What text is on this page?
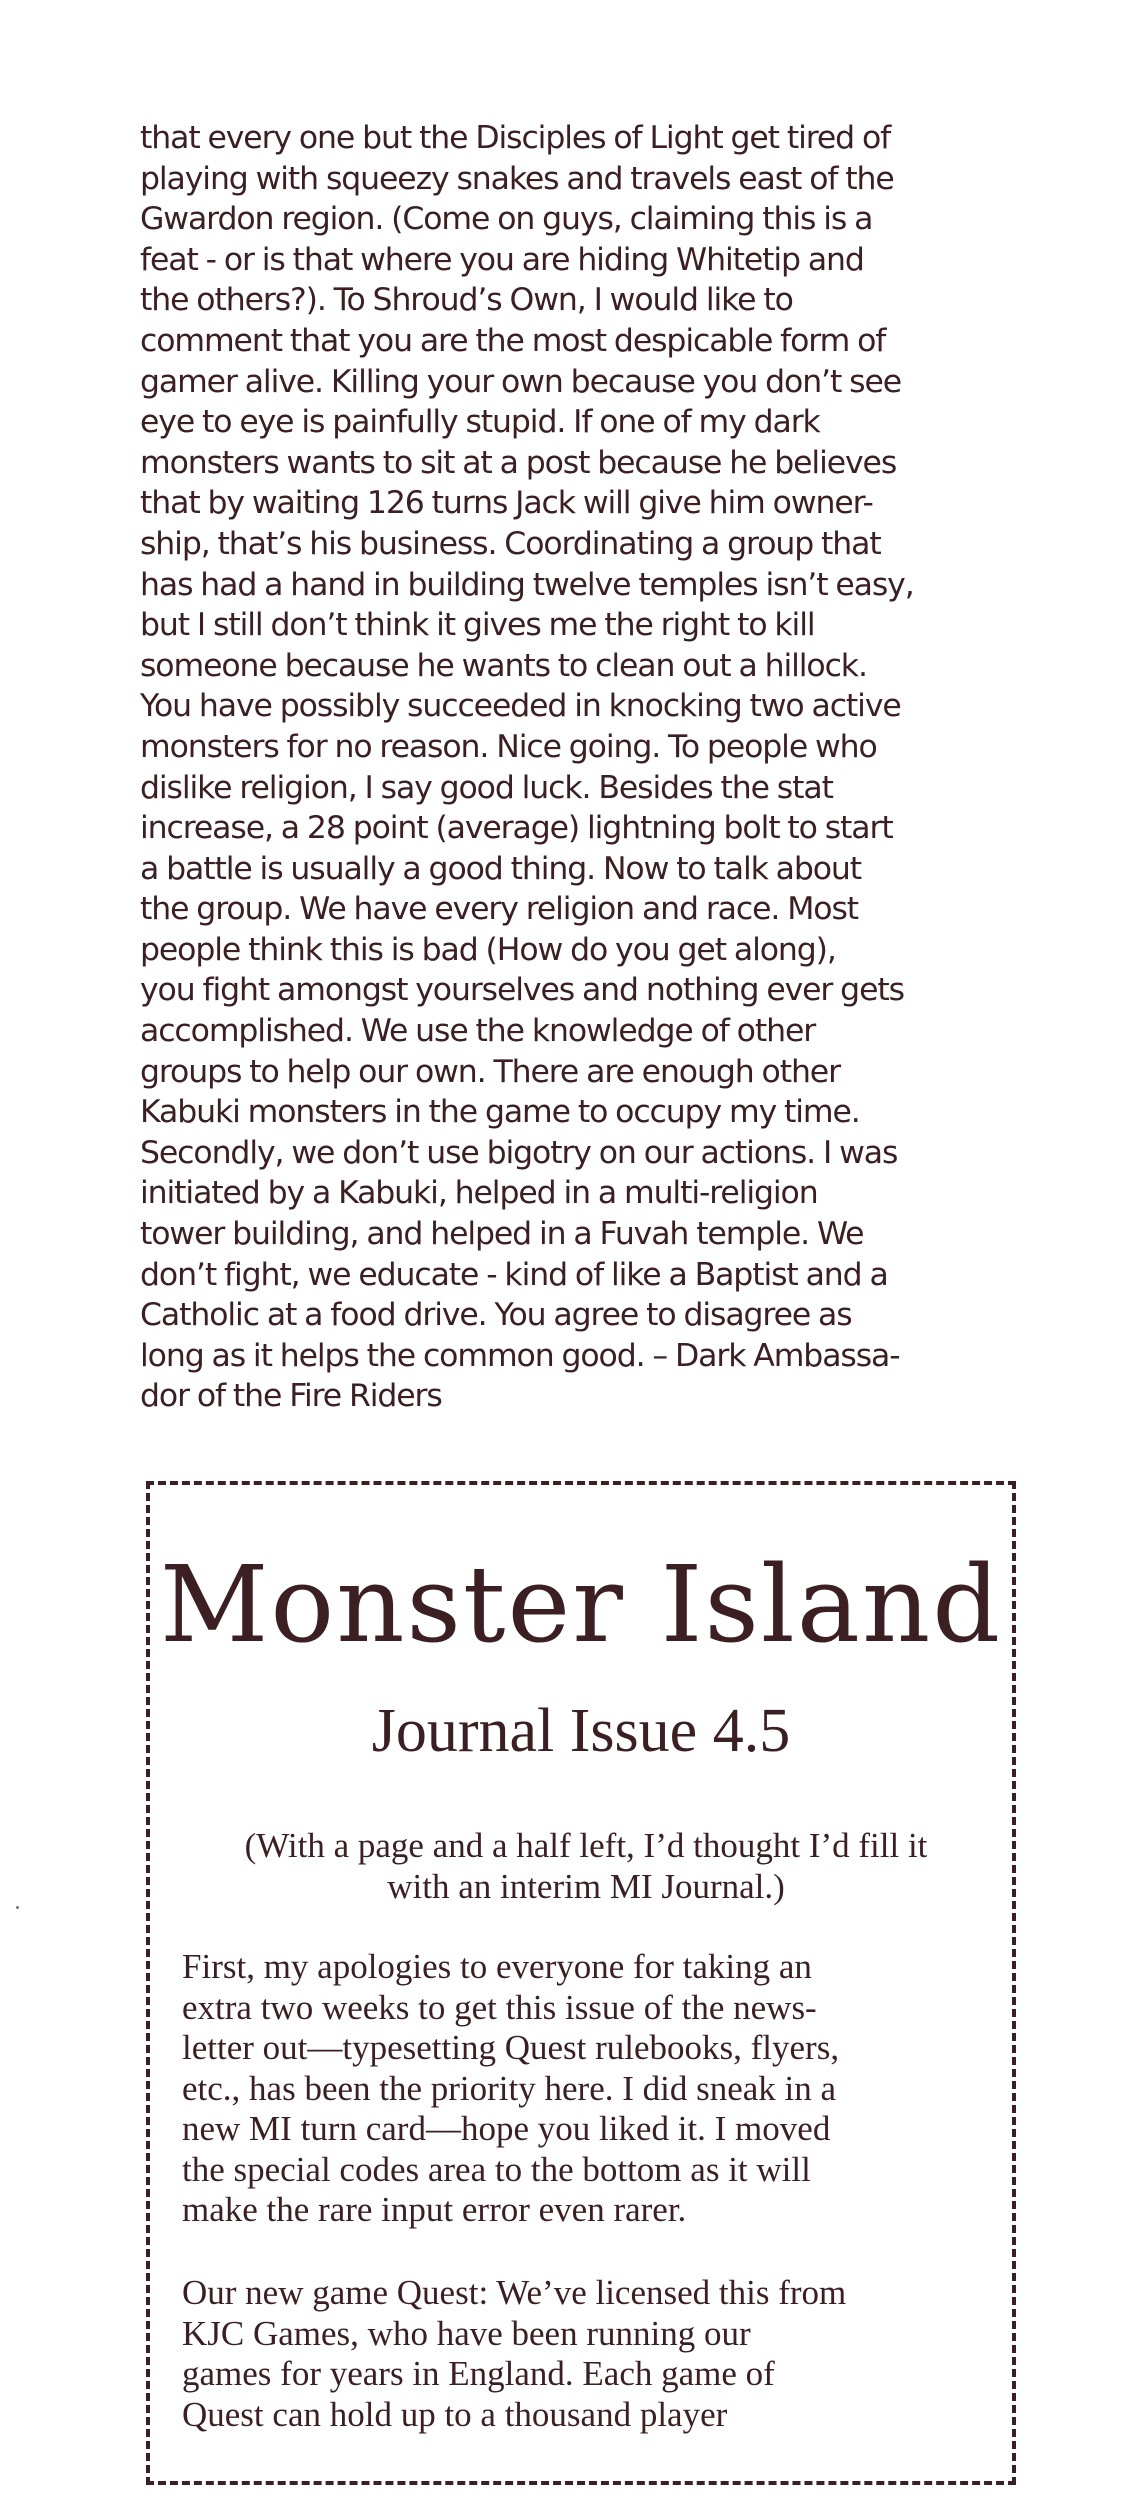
that every one but the Disciples of Light get tired of
playing with squeezy snakes and travels east of the
Gwardon region. (Come on guys, claiming this is a
feat - or is that where you are hiding Whitetip and
the others?). To Shroud’s Own, I would like to
comment that you are the most despicable form of
gamer alive. Killing your own because you don’t see
eye to eye is painfully stupid. If one of my dark
monsters wants to sit at a post because he believes
that by waiting 126 turns Jack will give him owner-
ship, that’s his business. Coordinating a group that
has had a hand in building twelve temples isn’t easy,
but I still don’t think it gives me the right to kill
someone because he wants to clean out a hillock.
You have possibly succeeded in knocking two active
monsters for no reason. Nice going. To people who
dislike religion, I say good luck. Besides the stat
increase, a 28 point (average) lightning bolt to start
a battle is usually a good thing. Now to talk about
the group. We have every religion and race. Most
people think this is bad (How do you get along),
you fight amongst yourselves and nothing ever gets
accomplished. We use the knowledge of other
groups to help our own. There are enough other
Kabuki monsters in the game to occupy my time.
Secondly, we don’t use bigotry on our actions. I was
initiated by a Kabuki, helped in a multi-religion
tower building, and helped in a Fuvah temple. We
don’t fight, we educate - kind of like a Baptist and a
Catholic at a food drive. You agree to disagree as
long as it helps the common good. – Dark Ambassa-
dor of the Fire Riders
Monster Island
Journal Issue 4.5
(With a page and a half left, I’d thought I’d fill it
with an interim MI Journal.)
First, my apologies to everyone for taking an
extra two weeks to get this issue of the news-
letter out—typesetting Quest rulebooks, flyers,
etc., has been the priority here. I did sneak in a
new MI turn card—hope you liked it. I moved
the special codes area to the bottom as it will
make the rare input error even rarer.
Our new game Quest: We’ve licensed this from
KJC Games, who have been running our
games for years in England. Each game of
Quest can hold up to a thousand player
